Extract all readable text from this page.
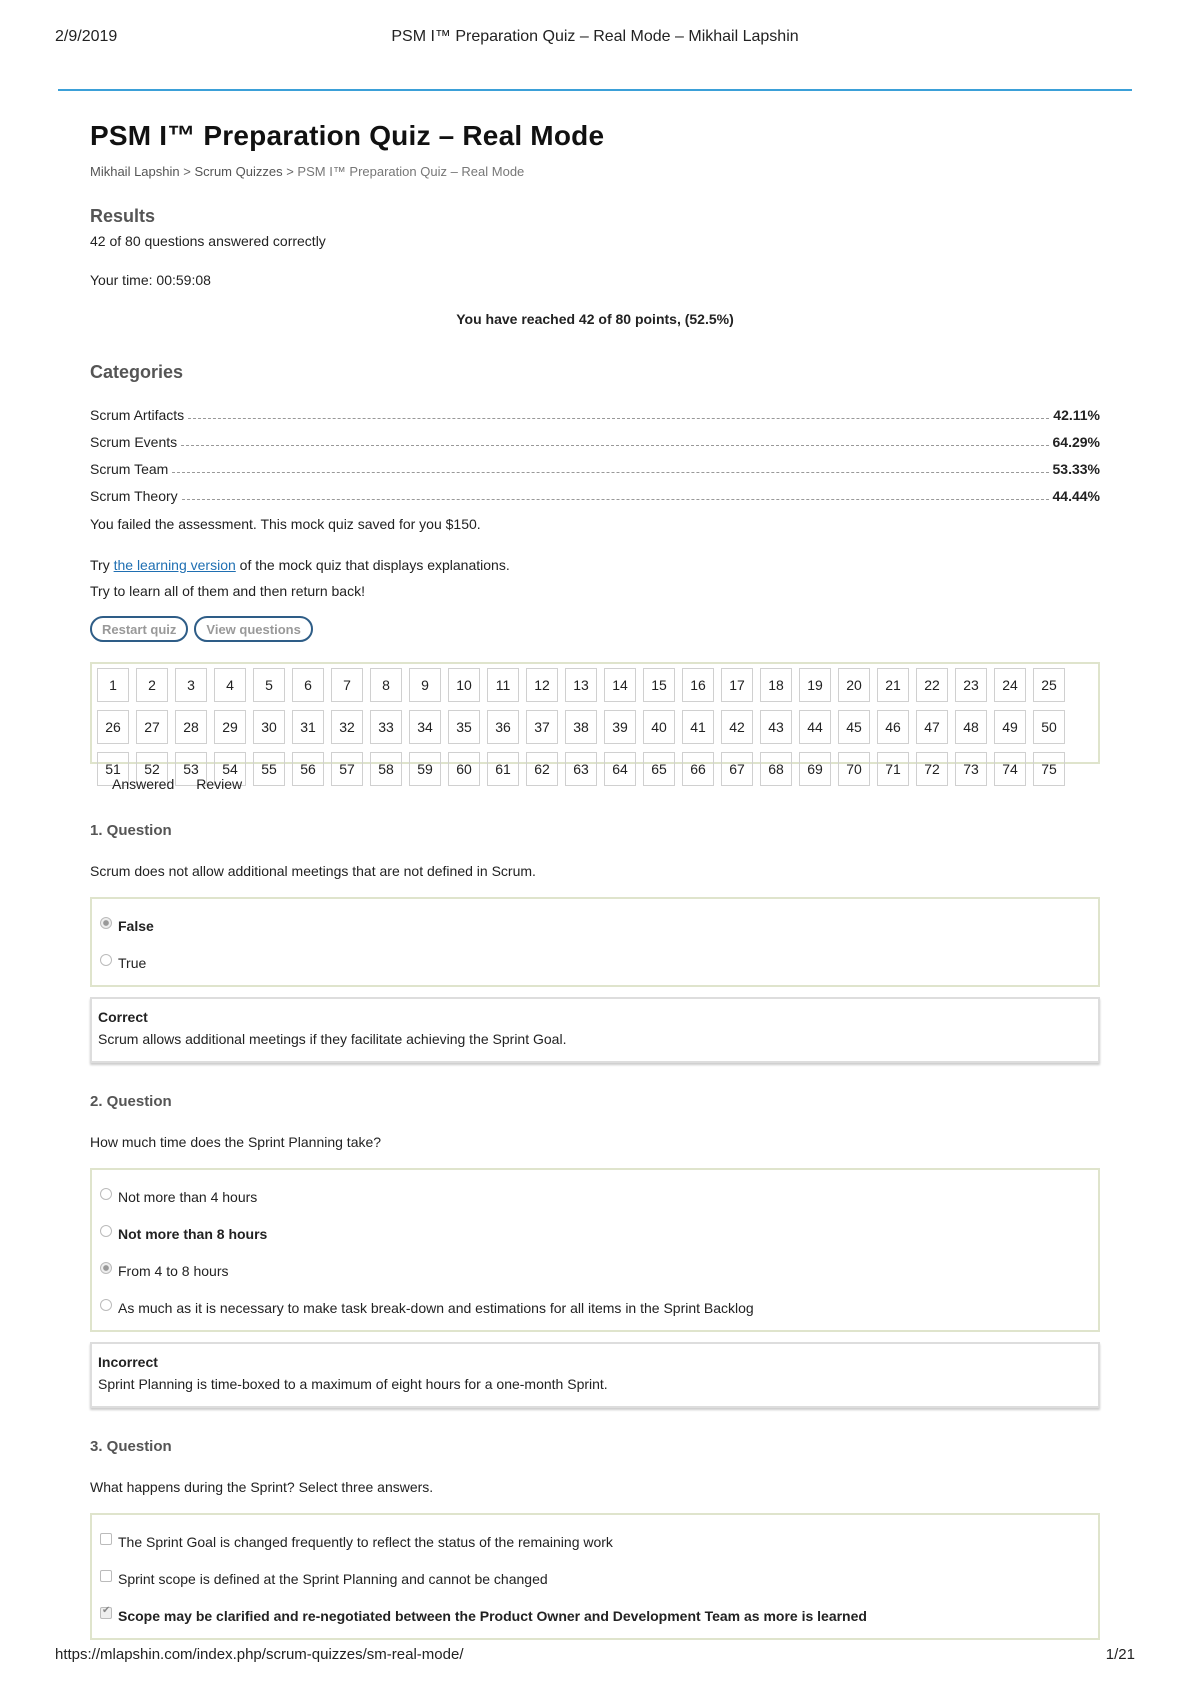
2/9/2019	PSM I™ Preparation Quiz – Real Mode – Mikhail Lapshin
PSM I™ Preparation Quiz – Real Mode
Mikhail Lapshin > Scrum Quizzes > PSM I™ Preparation Quiz – Real Mode
Results
42 of 80 questions answered correctly
Your time: 00:59:08
You have reached 42 of 80 points, (52.5%)
Categories
Scrum Artifacts	42.11%
Scrum Events	64.29%
Scrum Team	53.33%
Scrum Theory	44.44%
You failed the assessment. This mock quiz saved for you $150.
Try the learning version of the mock quiz that displays explanations.
Try to learn all of them and then return back!
Restart quiz	View questions
1	2	3	4	5	6	7	8	9	10	11	12	13	14	15	16	17	18	19	20	21	22	23	24	25
26	27	28	29	30	31	32	33	34	35	36	37	38	39	40	41	42	43	44	45	46	47	48	49	50
51	52	53	54	55	56	57	58	59	60	61	62	63	64	65	66	67	68	69	70	71	72	73	74	75
Answered Review
1. Question
Scrum does not allow additional meetings that are not defined in Scrum.
False
True
Correct
Scrum allows additional meetings if they facilitate achieving the Sprint Goal.
2. Question
How much time does the Sprint Planning take?
Not more than 4 hours
Not more than 8 hours
From 4 to 8 hours
As much as it is necessary to make task break-down and estimations for all items in the Sprint Backlog
Incorrect
Sprint Planning is time-boxed to a maximum of eight hours for a one-month Sprint.
3. Question
What happens during the Sprint? Select three answers.
The Sprint Goal is changed frequently to reflect the status of the remaining work
Sprint scope is defined at the Sprint Planning and cannot be changed
✔
Scope may be clarified and re-negotiated between the Product Owner and Development Team as more is learned
https://mlapshin.com/index.php/scrum-quizzes/sm-real-mode/	1/21
